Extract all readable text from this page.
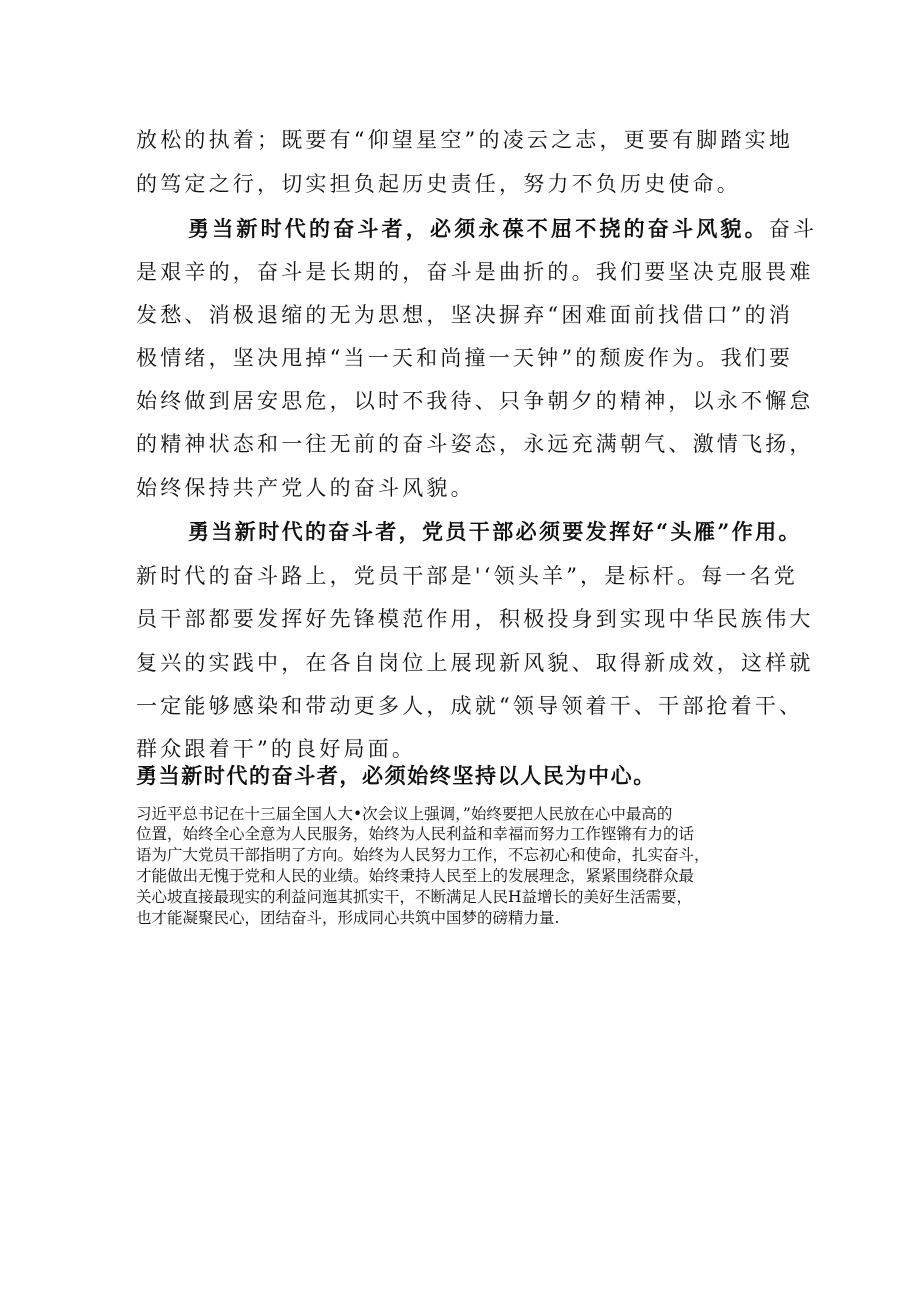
放松的执着；既要有“仰望星空”的凌云之志，更要有脚踏实地
的笃定之行，切实担负起历史责任，努力不负历史使命。
勇当新时代的奋斗者，必须永葆不屈不挠的奋斗风貌。奋斗
是艰辛的，奋斗是长期的，奋斗是曲折的。我们要坚决克服畏难
发愁、消极退缩的无为思想，坚决摒弃“困难面前找借口”的消
极情绪，坚决甩掉“当一天和尚撞一天钟”的颓废作为。我们要
始终做到居安思危，以时不我待、只争朝夕的精神，以永不懈怠
的精神状态和一往无前的奋斗姿态，永远充满朝气、激情飞扬，
始终保持共产党人的奋斗风貌。
勇当新时代的奋斗者，党员干部必须要发挥好“头雁”作用。
新时代的奋斗路上，党员干部是'‘领头羊”，是标杆。每一名党
员干部都要发挥好先锋模范作用，积极投身到实现中华民族伟大
复兴的实践中，在各自岗位上展现新风貌、取得新成效，这样就
一定能够感染和带动更多人，成就“领导领着干、干部抢着干、
群众跟着干”的良好局面。
勇当新时代的奋斗者，必须始终坚持以人民为中心。
习近平总书记在十三届全国人大•次会议上强调，”始终要把人民放在心中最高的
位置，始终全心全意为人民服务，始终为人民利益和幸福而努力工作铿锵有力的话
语为广大党员干部指明了方向。始终为人民努力工作，不忘初心和使命，扎实奋斗，
才能做出无愧于党和人民的业绩。始终秉持人民至上的发展理念，紧紧围绕群众最
关心坡直接最现实的利益问迤其抓实干，不断满足人民H益增长的美好生活需要，
也才能凝聚民心，团结奋斗，形成同心共筑中国梦的磅精力量.
